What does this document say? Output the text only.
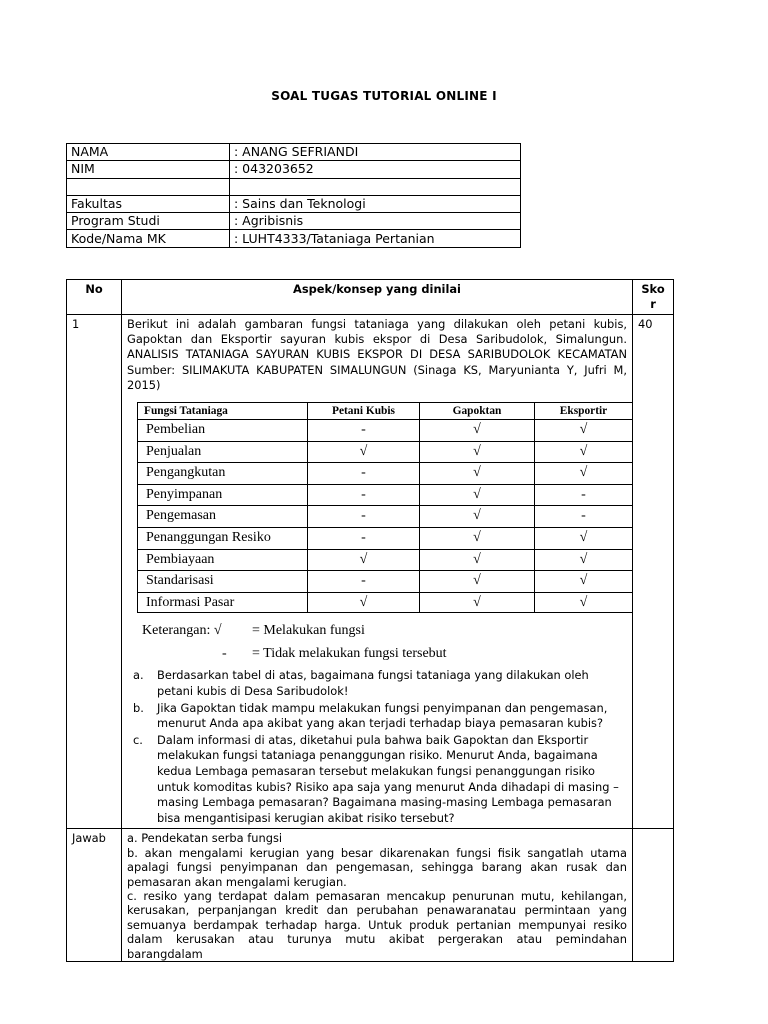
SOAL TUGAS TUTORIAL ONLINE I
NAMA	: ANANG SEFRIANDI
NIM	: 043203652

Fakultas	: Sains dan Teknologi
Program Studi	: Agribisnis
Kode/Nama MK	: LUHT4333/Tataniaga Pertanian
No	Aspek/konsep yang dinilai	Sko r
1	Berikut ini adalah gambaran fungsi tataniaga yang dilakukan oleh petani kubis, Gapoktan dan Eksportir sayuran kubis ekspor di Desa Saribudolok, Simalungun. ANALISIS TATANIAGA SAYURAN KUBIS EKSPOR DI DESA SARIBUDOLOK KECAMATAN Sumber: SILIMAKUTA KABUPATEN SIMALUNGUN (Sinaga KS, Maryunianta Y, Jufri M, 2015)
Fungsi Tataniaga	Petani Kubis	Gapoktan	Eksportir
Pembelian	-	√	√
Penjualan	√	√	√
Pengangkutan	-	√	√
Penyimpanan	-	√	-
Pengemasan	-	√	-
Penanggungan Resiko	-	√	√
Pembiayaan	√	√	√
Standarisasi	-	√	√
Informasi Pasar	√	√	√
Keterangan: √ = Melakukan fungsi
- = Tidak melakukan fungsi tersebut
a. Berdasarkan tabel di atas, bagaimana fungsi tataniaga yang dilakukan oleh petani kubis di Desa Saribudolok!
b. Jika Gapoktan tidak mampu melakukan fungsi penyimpanan dan pengemasan, menurut Anda apa akibat yang akan terjadi terhadap biaya pemasaran kubis?
c. Dalam informasi di atas, diketahui pula bahwa baik Gapoktan dan Eksportir melakukan fungsi tataniaga penanggungan risiko. Menurut Anda, bagaimana kedua Lembaga pemasaran tersebut melakukan fungsi penanggungan risiko untuk komoditas kubis? Risiko apa saja yang menurut Anda dihadapi di masing – masing Lembaga pemasaran? Bagaimana masing-masing Lembaga pemasaran bisa mengantisipasi kerugian akibat risiko tersebut?
	40
Jawab	a. Pendekatan serba fungsi

b. akan mengalami kerugian yang besar dikarenakan fungsi fisik sangatlah utama apalagi fungsi penyimpanan dan pengemasan, sehingga barang akan rusak dan pemasaran akan mengalami kerugian.

c. resiko yang terdapat dalam pemasaran mencakup penurunan mutu, kehilangan, kerusakan, perpanjangan kredit dan perubahan penawaranatau permintaan yang semuanya berdampak terhadap harga. Untuk produk pertanian mempunyai resiko dalam kerusakan atau turunya mutu akibat pergerakan atau pemindahan barangdalam
